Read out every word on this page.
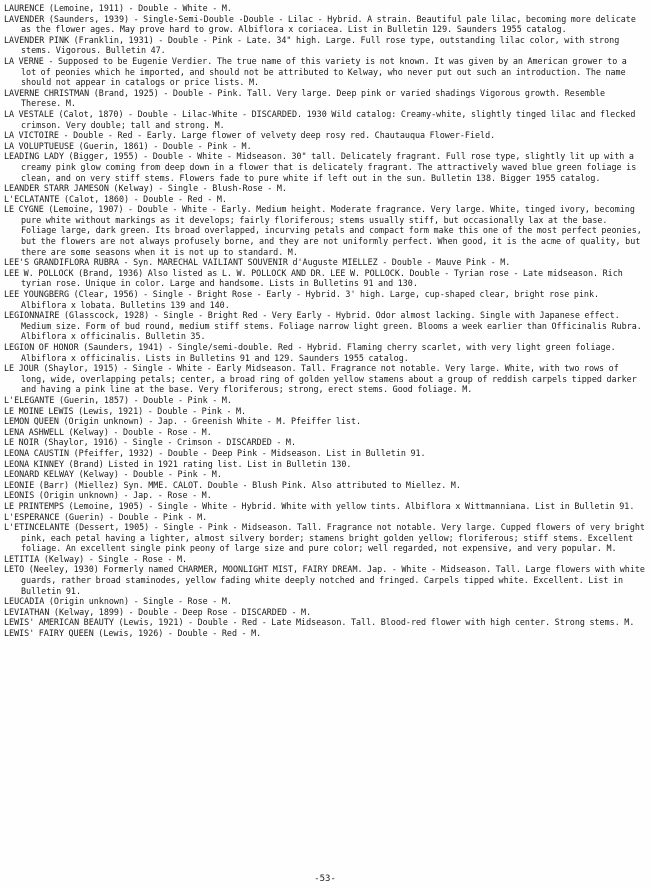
LAURENCE (Lemoine, 1911) - Double - White - M.

LAVENDER (Saunders, 1939) - Single-Semi-Double -Double - Lilac - Hybrid. A strain. Beautiful pale lilac, becoming more delicate as the flower ages. May prove hard to grow. Albiflora x coriacea. List in Bulletin 129. Saunders 1955 catalog.

LAVENDER PINK (Franklin, 1931) - Double - Pink - Late. 34" high. Large. Full rose type, outstanding lilac color, with strong stems. Vigorous. Bulletin 47.

LA VERNE - Supposed to be Eugenie Verdier. The true name of this variety is not known. It was given by an American grower to a lot of peonies which he imported, and should not be attributed to Kelway, who never put out such an introduction. The name should not appear in catalogs or price lists. M.

LAVERNE CHRISTMAN (Brand, 1925) - Double - Pink. Tall. Very large. Deep pink or varied shadings Vigorous growth. Resemble Therese. M.

LA VESTALE (Calot, 1870) - Double - Lilac-White - DISCARDED. 1930 Wild catalog: Creamy-white, slightly tinged lilac and flecked crimson. Very double; tall and strong. M.

LA VICTOIRE - Double - Red - Early. Large flower of velvety deep rosy red. Chautauqua Flower-Field.

LA VOLUPTUEUSE (Guerin, 1861) - Double - Pink - M.

LEADING LADY (Bigger, 1955) - Double - White - Midseason. 30" tall. Delicately fragrant. Full rose type, slightly lit up with a creamy pink glow coming from deep down in a flower that is delicately fragrant. The attractively waved blue green foliage is clean, and on very stiff stems. Flowers fade to pure white if left out in the sun. Bulletin 138. Bigger 1955 catalog.

LEANDER STARR JAMESON (Kelway) - Single - Blush-Rose - M.

L'ECLATANTE (Calot, 1860) - Double - Red - M.

LE CYGNE (Lemoine, 1907) - Double - White - Early. Medium height. Moderate fragrance. Very large. White, tinged ivory, becoming pure white without markings as it develops; fairly floriferous; stems usually stiff, but occasionally lax at the base. Foliage large, dark green. Its broad overlapped, incurving petals and compact form make this one of the most perfect peonies, but the flowers are not always profusely borne, and they are not uniformly perfect. When good, it is the acme of quality, but there are some seasons when it is not up to standard. M.

LEE'S GRANDIFLORA RUBRA - Syn. MARECHAL VAILIANT SOUVENIR d'Auguste MIELLEZ - Double - Mauve Pink - M.

LEE W. POLLOCK (Brand, 1936) Also listed as L. W. POLLOCK AND DR. LEE W. POLLOCK. Double - Tyrian rose - Late midseason. Rich tyrian rose. Unique in color. Large and handsome. Lists in Bulletins 91 and 130.

LEE YOUNGBERG (Clear, 1956) - Single - Bright Rose - Early - Hybrid. 3' high. Large, cup-shaped clear, bright rose pink. Albiflora x lobata. Bulletins 139 and 140.

LEGIONNAIRE (Glasscock, 1928) - Single - Bright Red - Very Early - Hybrid. Odor almost lacking. Single with Japanese effect. Medium size. Form of bud round, medium stiff stems. Foliage narrow light green. Blooms a week earlier than Officinalis Rubra. Albiflora x officinalis. Bulletin 35.

LEGION OF HONOR (Saunders, 1941) - Single/semi-double. Red - Hybrid. Flaming cherry scarlet, with very light green foliage. Albiflora x officinalis. Lists in Bulletins 91 and 129. Saunders 1955 catalog.

LE JOUR (Shaylor, 1915) - Single - White - Early Midseason. Tall. Fragrance not notable. Very large. White, with two rows of long, wide, overlapping petals; center, a broad ring of golden yellow stamens about a group of reddish carpels tipped darker and having a pink line at the base. Very floriferous; strong, erect stems. Good foliage. M.

L'ELEGANTE (Guerin, 1857) - Double - Pink - M.

LE MOINE LEWIS (Lewis, 1921) - Double - Pink - M.

LEMON QUEEN (Origin unknown) - Jap. - Greenish White - M. Pfeiffer list.

LENA ASHWELL (Kelway) - Double - Rose - M.

LE NOIR (Shaylor, 1916) - Single - Crimson - DISCARDED - M.

LEONA CAUSTIN (Pfeiffer, 1932) - Double - Deep Pink - Midseason. List in Bulletin 91.

LEONA KINNEY (Brand) Listed in 1921 rating list. List in Bulletin 130.

LEONARD KELWAY (Kelway) - Double - Pink - M.

LEONIE (Barr) (Miellez) Syn. MME. CALOT. Double - Blush Pink. Also attributed to Miellez. M.

LEONIS (Origin unknown) - Jap. - Rose - M.

LE PRINTEMPS (Lemoine, 1905) - Single - White - Hybrid. White with yellow tints. Albiflora x Wittmanniana. List in Bulletin 91.

L'ESPERANCE (Guerin) - Double - Pink - M.

L'ETINCELANTE (Dessert, 1905) - Single - Pink - Midseason. Tall. Fragrance not notable. Very large. Cupped flowers of very bright pink, each petal having a lighter, almost silvery border; stamens bright golden yellow; floriferous; stiff stems. Excellent foliage. An excellent single pink peony of large size and pure color; well regarded, not expensive, and very popular. M.

LETITIA (Kelway) - Single - Rose - M.

LETO (Neeley, 1930) Formerly named CHARMER, MOONLIGHT MIST, FAIRY DREAM. Jap. - White - Midseason. Tall. Large flowers with white guards, rather broad staminodes, yellow fading white deeply notched and fringed. Carpels tipped white. Excellent. List in Bulletin 91.

LEUCADIA (Origin unknown) - Single - Rose - M.

LEVIATHAN (Kelway, 1899) - Double - Deep Rose - DISCARDED - M.

LEWIS' AMERICAN BEAUTY (Lewis, 1921) - Double - Red - Late Midseason. Tall. Blood-red flower with high center. Strong stems. M.

LEWIS' FAIRY QUEEN (Lewis, 1926) - Double - Red - M.

-53-
